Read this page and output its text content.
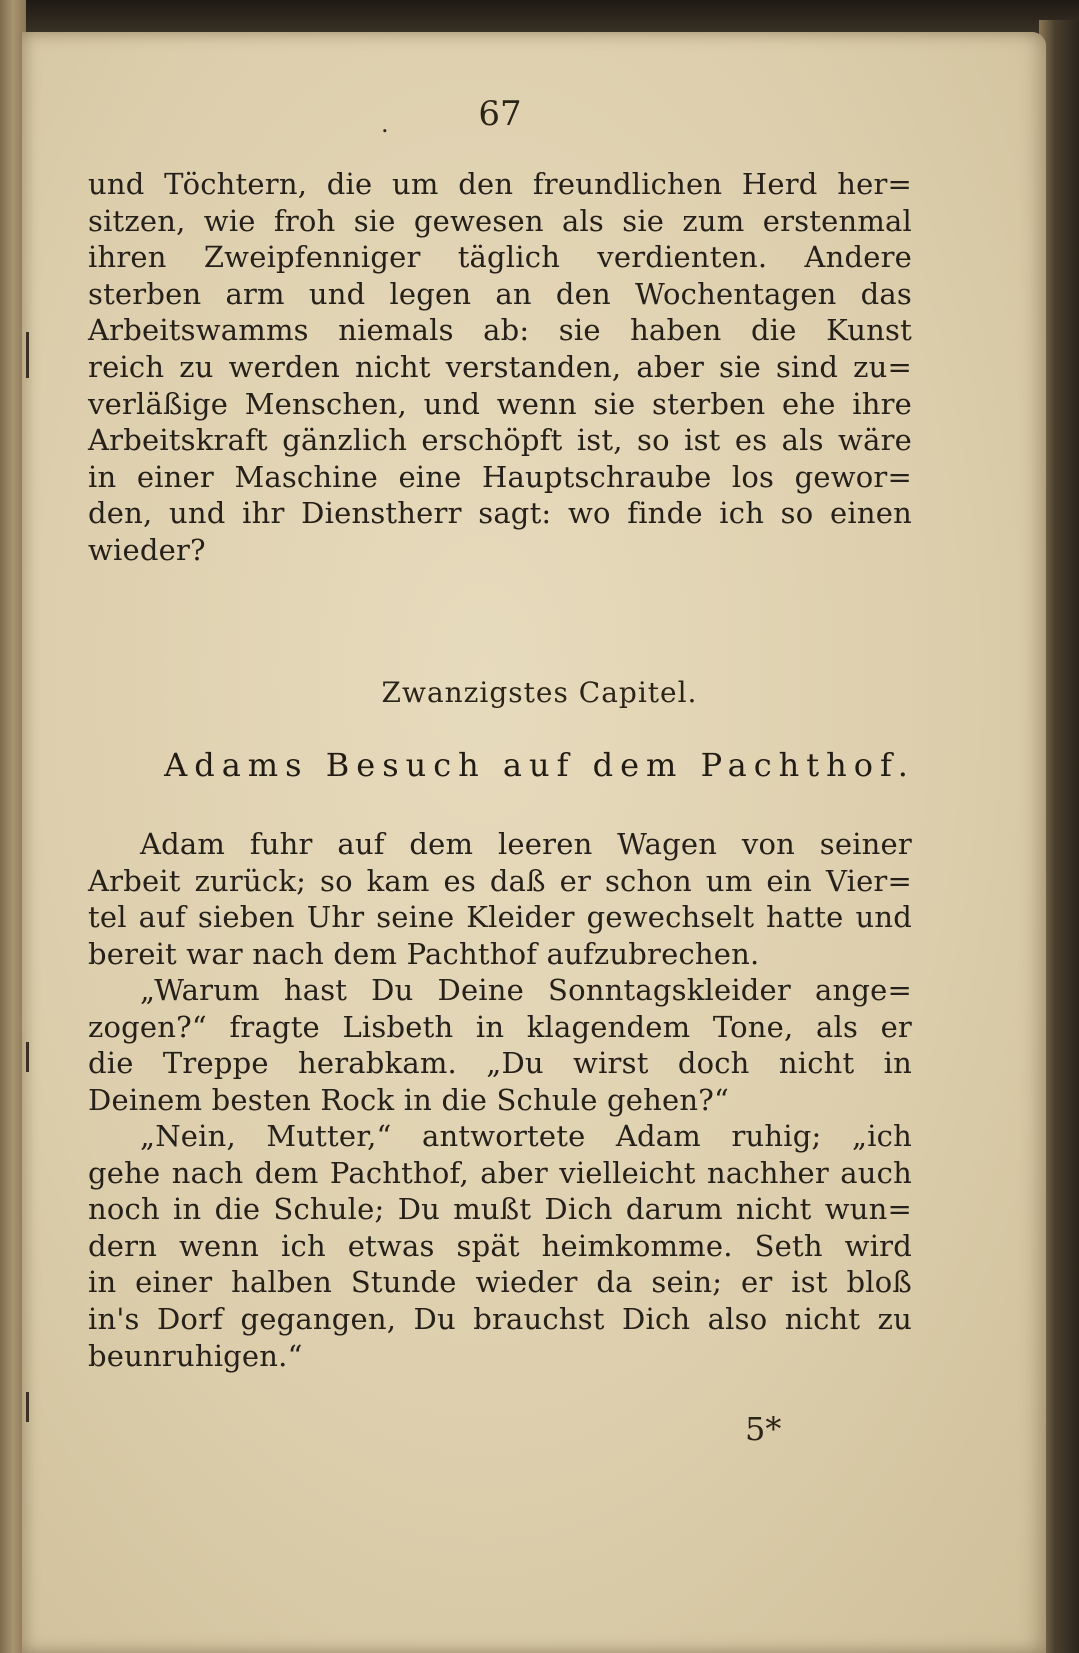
.	67
und Töchtern, die um den freundlichen Herd her=
sitzen, wie froh sie gewesen als sie zum erstenmal
ihren Zweipfenniger täglich verdienten. Andere
sterben arm und legen an den Wochentagen das
Arbeitswamms niemals ab: sie haben die Kunst
reich zu werden nicht verstanden, aber sie sind zu=
verläßige Menschen, und wenn sie sterben ehe ihre
Arbeitskraft gänzlich erschöpft ist, so ist es als wäre
in einer Maschine eine Hauptschraube los gewor=
den, und ihr Dienstherr sagt: wo finde ich so einen
wieder?
Zwanzigstes Capitel.
Adams Besuch auf dem Pachthof.
Adam fuhr auf dem leeren Wagen von seiner
Arbeit zurück; so kam es daß er schon um ein Vier=
tel auf sieben Uhr seine Kleider gewechselt hatte und
bereit war nach dem Pachthof aufzubrechen.
„Warum hast Du Deine Sonntagskleider ange=
zogen?“ fragte Lisbeth in klagendem Tone, als er
die Treppe herabkam. „Du wirst doch nicht in
Deinem besten Rock in die Schule gehen?“
„Nein, Mutter,“ antwortete Adam ruhig; „ich
gehe nach dem Pachthof, aber vielleicht nachher auch
noch in die Schule; Du mußt Dich darum nicht wun=
dern wenn ich etwas spät heimkomme. Seth wird
in einer halben Stunde wieder da sein; er ist bloß
in's Dorf gegangen, Du brauchst Dich also nicht zu
beunruhigen.“
5*
